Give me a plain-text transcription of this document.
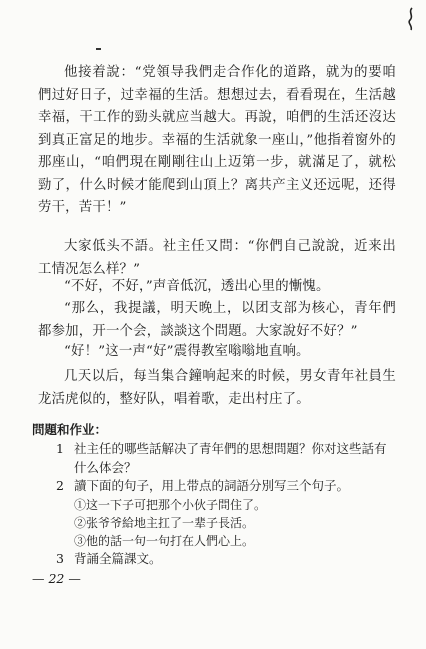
他接着說：“党領导我們走合作化的道路，就为的要咱們过好日子，过幸福的生活。想想过去，看看現在，生活越幸福，干工作的勁头就应当越大。再說，咱們的生活还沒达到真正富足的地步。幸福的生活就象一座山，”他指着窗外的那座山，“咱們現在剛剛往山上迈第一步，就滿足了，就松勁了，什么时候才能爬到山頂上？离共产主义还远呢，还得劳干，苦干！”
大家低头不語。社主任又問：“你們自己說說，近来出工情况怎么样？”
“不好，不好，”声音低沉，透出心里的慚愧。
“那么，我提議，明天晚上，以团支部为核心，青年們都参加，开一个会，談談这个問題。大家說好不好？”
“好！”这一声“好”震得教室嗡嗡地直响。
几天以后，每当集合鐘响起来的时候，男女青年社員生龙活虎似的，整好队，唱着歌，走出村庄了。
問題和作业：
1 社主任的哪些話解决了青年們的思想問題？你对这些話有什么体会？
2 讀下面的句子，用上带点的詞語分別写三个句子。
①这一下子可把那个小伙子問住了。
②张爷爷給地主扛了一辈子長活。
③他的話一句一句打在人們心上。
3 背誦全篇課文。
— 22 —
